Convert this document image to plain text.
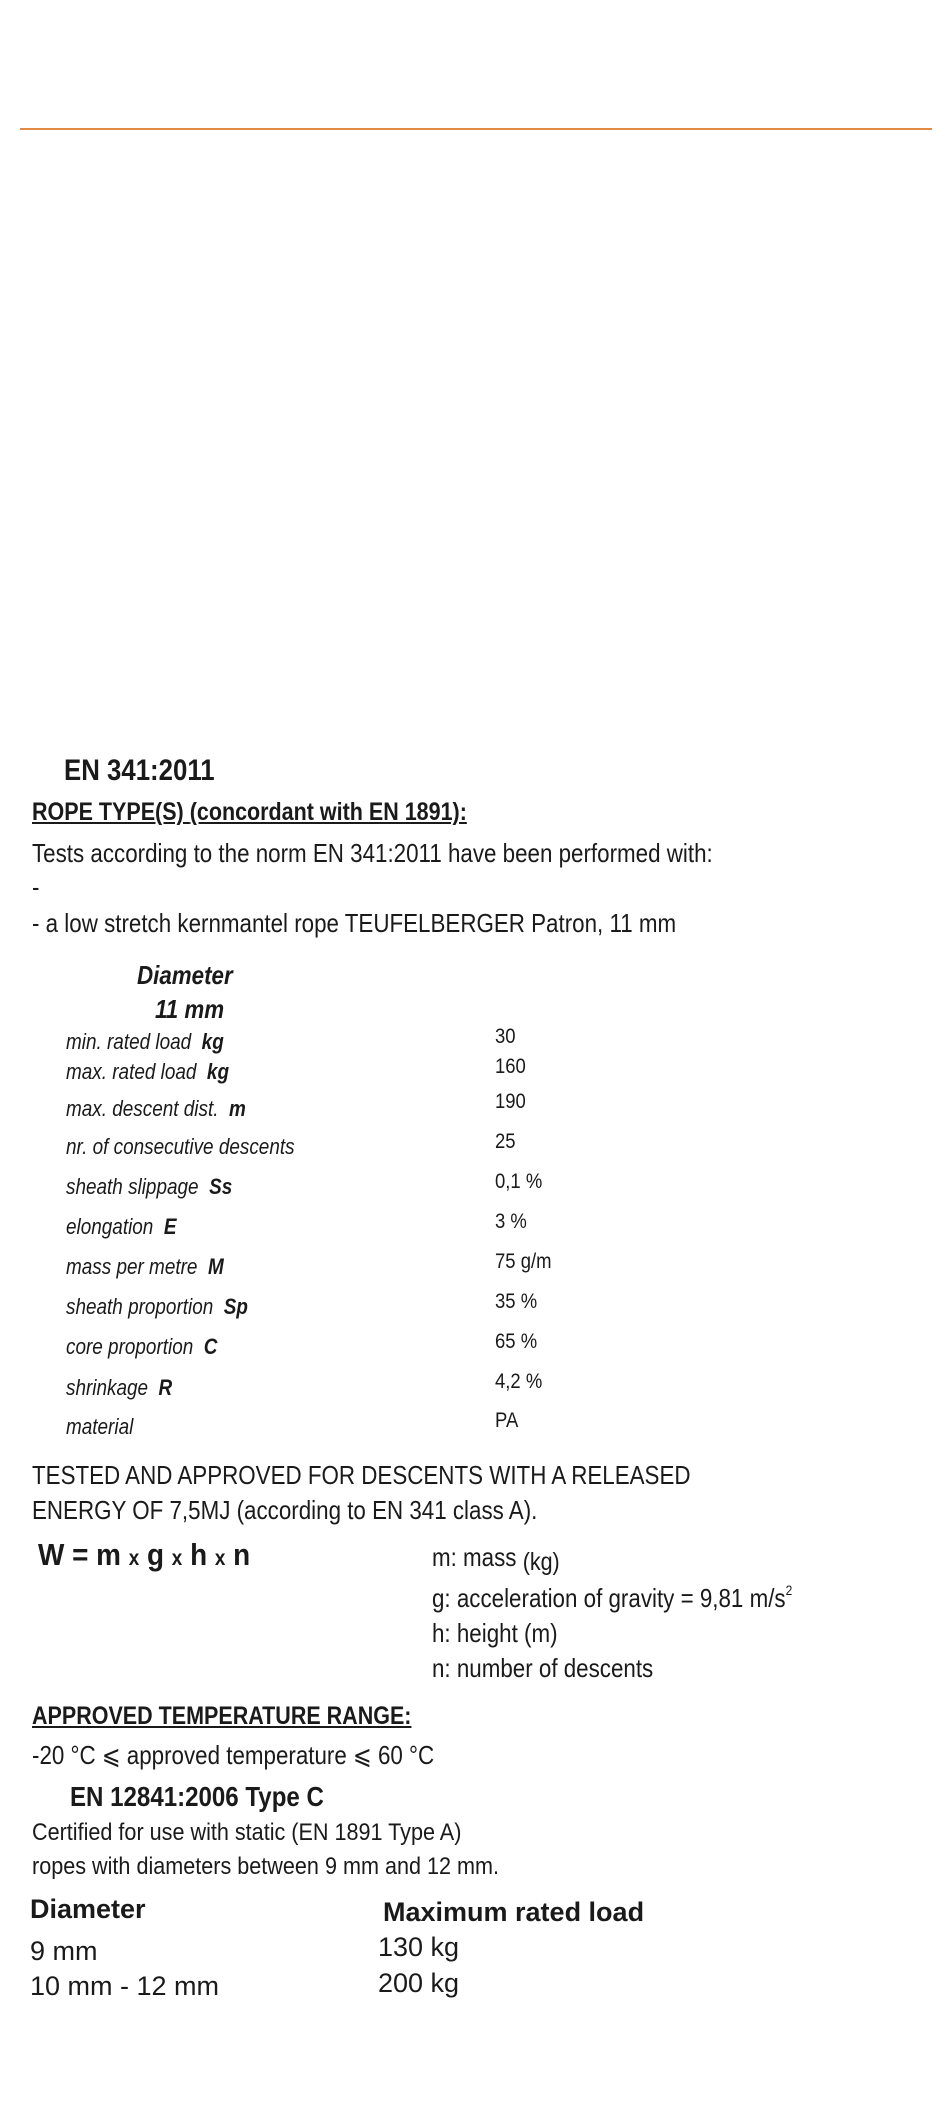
EN 341:2011
ROPE TYPE(S) (concordant with EN 1891):
Tests according to the norm EN 341:2011 have been performed with:
-
- a low stretch kernmantel rope TEUFELBERGER Patron, 11 mm
Diameter
11 mm
min. rated load kg	30
max. rated load kg	160
max. descent dist. m	190
nr. of consecutive descents	25
sheath slippage Ss	0,1 %
elongation E	3 %
mass per metre M	75 g/m
sheath proportion Sp	35 %
core proportion C	65 %
shrinkage R	4,2 %
material	PA
TESTED AND APPROVED FOR DESCENTS WITH A RELEASED
ENERGY OF 7,5MJ (according to EN 341 class A).
W = m x g x h x n	m: mass (kg)
g: acceleration of gravity = 9,81 $m/s^2$
h: height (m)
n: number of descents
APPROVED TEMPERATURE RANGE:
-20 °C ⩽ approved temperature ⩽ 60 °C
EN 12841:2006 Type C
Certified for use with static (EN 1891 Type A)
ropes with diameters between 9 mm and 12 mm.
Diameter	Maximum rated load
9 mm	130 kg
10 mm - 12 mm	200 kg
